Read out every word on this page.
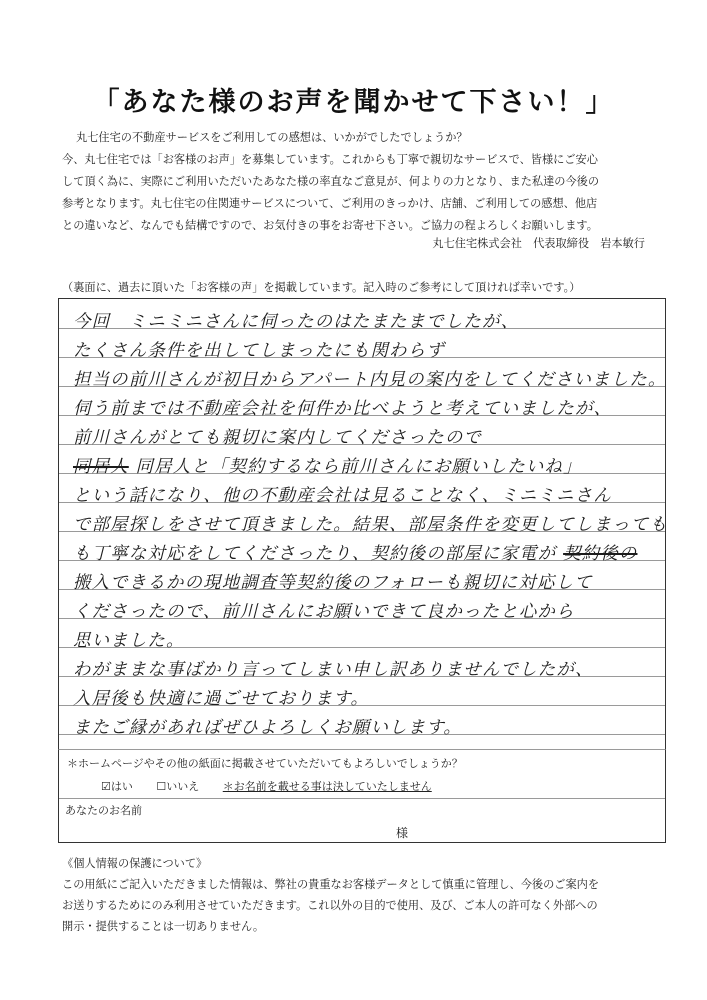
「あなた様のお声を聞かせて下さい！」

丸七住宅の不動産サービスをご利用しての感想は、いかがでしたでしょうか？

今、丸七住宅では「お客様のお声」を募集しています。これからも丁寧で親切なサービスで、皆様にご安心

して頂く為に、実際にご利用いただいたあなた様の率直なご意見が、何よりの力となり、また私達の今後の

参考となります。丸七住宅の住関連サービスについて、ご利用のきっかけ、店舗、ご利用しての感想、他店

との違いなど、なんでも結構ですので、お気付きの事をお寄せ下さい。ご協力の程よろしくお願いします。

丸七住宅株式会社　代表取締役　岩本敏行
（裏面に、過去に頂いた「お客様の声」を掲載しています。記入時のご参考にして頂ければ幸いです。）
今回　ミニミニさんに伺ったのはたまたまでしたが、
たくさん条件を出してしまったにも関わらず
担当の前川さんが初日からアパート内見の案内をしてくださいました。
伺う前までは不動産会社を何件か比べようと考えていましたが、
前川さんがとても親切に案内してくださったので
同居人 同居人と「契約するなら前川さんにお願いしたいね」
という話になり、他の不動産会社は見ることなく、ミニミニさん
で部屋探しをさせて頂きました。結果、部屋条件を変更してしまっても
も丁寧な対応をしてくださったり、契約後の部屋に家電が 契約後の
搬入できるかの現地調査等契約後のフォローも親切に対応して
くださったので、前川さんにお願いできて良かったと心から
思いました。
わがままな事ばかり言ってしまい申し訳ありませんでしたが、
入居後も快適に過ごせております。
またご縁があればぜひよろしくお願いします。
＊ホームページやその他の紙面に掲載させていただいてもよろしいでしょうか？
☑はい ☐いいえ ＊お名前を載せる事は決していたしません
あなたのお名前
様

《個人情報の保護について》

この用紙にご記入いただきました情報は、弊社の貴重なお客様データとして慎重に管理し、今後のご案内を

お送りするためにのみ利用させていただきます。これ以外の目的で使用、及び、ご本人の許可なく外部への

開示・提供することは一切ありません。
